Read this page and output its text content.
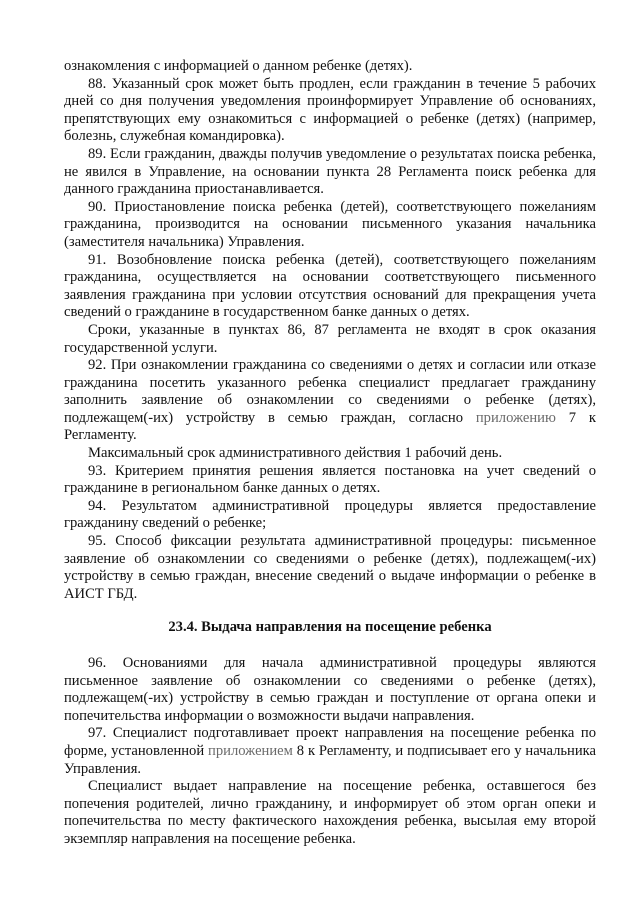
ознакомления с информацией о данном ребенке (детях).

88. Указанный срок может быть продлен, если гражданин в течение 5 рабочих дней со дня получения уведомления проинформирует Управление об основаниях, препятствующих ему ознакомиться с информацией о ребенке (детях) (например, болезнь, служебная командировка).

89. Если гражданин, дважды получив уведомление о результатах поиска ребенка, не явился в Управление, на основании пункта 28 Регламента поиск ребенка для данного гражданина приостанавливается.

90. Приостановление поиска ребенка (детей), соответствующего пожеланиям гражданина, производится на основании письменного указания начальника (заместителя начальника) Управления.

91. Возобновление поиска ребенка (детей), соответствующего пожеланиям гражданина, осуществляется на основании соответствующего письменного заявления гражданина при условии отсутствия оснований для прекращения учета сведений о гражданине в государственном банке данных о детях.

Сроки, указанные в пунктах 86, 87 регламента не входят в срок оказания государственной услуги.

92. При ознакомлении гражданина со сведениями о детях и согласии или отказе гражданина посетить указанного ребенка специалист предлагает гражданину заполнить заявление об ознакомлении со сведениями о ребенке (детях), подлежащем(-их) устройству в семью граждан, согласно приложению 7 к Регламенту.

Максимальный срок административного действия 1 рабочий день.

93. Критерием принятия решения является постановка на учет сведений о гражданине в региональном банке данных о детях.

94. Результатом административной процедуры является предоставление гражданину сведений о ребенке;

95. Способ фиксации результата административной процедуры: письменное заявление об ознакомлении со сведениями о ребенке (детях), подлежащем(-их) устройству в семью граждан, внесение сведений о выдаче информации о ребенке в АИСТ ГБД.

23.4. Выдача направления на посещение ребенка

96. Основаниями для начала административной процедуры являются письменное заявление об ознакомлении со сведениями о ребенке (детях), подлежащем(-их) устройству в семью граждан и поступление от органа опеки и попечительства информации о возможности выдачи направления.

97. Специалист подготавливает проект направления на посещение ребенка по форме, установленной приложением 8 к Регламенту, и подписывает его у начальника Управления.

Специалист выдает направление на посещение ребенка, оставшегося без попечения родителей, лично гражданину, и информирует об этом орган опеки и попечительства по месту фактического нахождения ребенка, высылая ему второй экземпляр направления на посещение ребенка.
